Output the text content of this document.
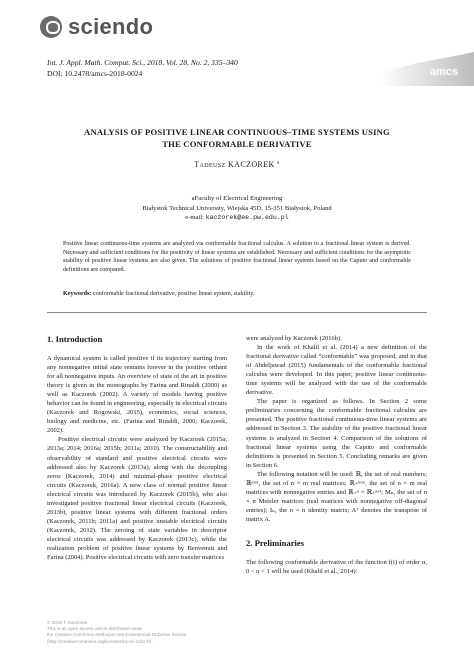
sciendo
Int. J. Appl. Math. Comput. Sci., 2018, Vol. 28, No. 2, 335–340
DOI: 10.2478/amcs-2018-0024	amcs
ANALYSIS OF POSITIVE LINEAR CONTINUOUS–TIME SYSTEMS USING
THE CONFORMABLE DERIVATIVE
Tadeusz KACZOREK $^a$
aFaculty of Electrical Engineering
Białystok Technical University, Wiejska 45D, 15-351 Białystok, Poland
e-mail: kaczorek@ee.pw.edu.pl
Positive linear continuous-time systems are analyzed via conformable fractional calculus. A solution to a fractional linear system is derived. Necessary and sufficient conditions for the positivity of linear systems are established. Necessary and sufficient conditions for the asymptotic stability of positive linear systems are also given. The solutions of positive fractional linear systems based on the Caputo and conformable definitions are compared.
Keywords: conformable fractional derivative, positive linear system, stability.
1. Introduction

A dynamical system is called positive if its trajectory starting from any nonnegative initial state remains forever in the positive orthant for all nonnegative inputs. An overview of state of the art in positive theory is given in the monographs by Farina and Rinaldi (2000) as well as Kaczorek (2002). A variety of models having positive behavior can be found in engineering, especially in electrical circuits (Kaczorek and Rogowski, 2015), economics, social sciences, biology and medicine, etc. (Farina and Rinaldi, 2000; Kaczorek, 2002).

Positive electrical circuits were analyzed by Kaczorek (2015a; 2013a; 2014; 2016a; 2015b; 2011a; 2010). The constructability and observability of standard and positive electrical circuits were addressed also by Kaczorek (2013a), along with the decoupling zeros (Kaczorek, 2014) and minimal-phase positive electrical circuits (Kaczorek, 2016a). A new class of normal positive linear electrical circuits was introduced by Kaczorek (2015b), who also investigated positive fractional linear electrical circuits (Kaczorek, 2013b), positive linear systems with different fractional orders (Kaczorek, 2011b; 2011a) and positive unstable electrical circuits (Kaczorek, 2012). The zeroing of state variables in descriptor electrical circuits was addressed by Kaczorek (2013c), while the realization problem of positive linear systems by Benvenuti and Farina (2004). Positive electrical circuits with zero transfer matrices

were analyzed by Kaczorek (2016b).

In the work of Khalil et al. (2014) a new definition of the fractional derivative called “conformable” was proposed, and in that of Abdeljawad (2015) fundamentals of the conformable fractional calculus were developed. In this paper, positive linear continuous-time systems will be analyzed with the use of the conformable derivative.

The paper is organized as follows. In Section 2 some preliminaries concerning the conformable fractional calculus are presented. The positive fractional continuous-time linear systems are addressed in Section 3. The stability of the positive fractional linear systems is analyzed in Section 4. Comparison of the solutions of fractional linear systems using the Caputo and conformable definitions is presented in Section 5. Concluding remarks are given in Section 6.

The following notation will be used: ℝ, the set of real numbers; ℝⁿˣᵐ, the set of n × m real matrices; ℝ₊ⁿˣᵐ, the set of n × m real matrices with nonnegative entries and ℝ₊ⁿ = ℝ₊ⁿˣ¹; Mₙ, the set of n × n Metzler matrices (real matrices with nonnegative off-diagonal entries); Iₙ, the n × n identity matrix; Aᵀ denotes the transpose of matrix A.

2. Preliminaries

The following conformable derivative of the function f(t) of order α, 0 < α < 1 will be used (Khalil et al., 2014):

© 2018 T. Kaczorek.
This is an open access article distributed under
the Creative Commons Attribution-NonCommercial-NoDerivs license
(http://creativecommons.org/licenses/by-nc-nd/3.0/).
